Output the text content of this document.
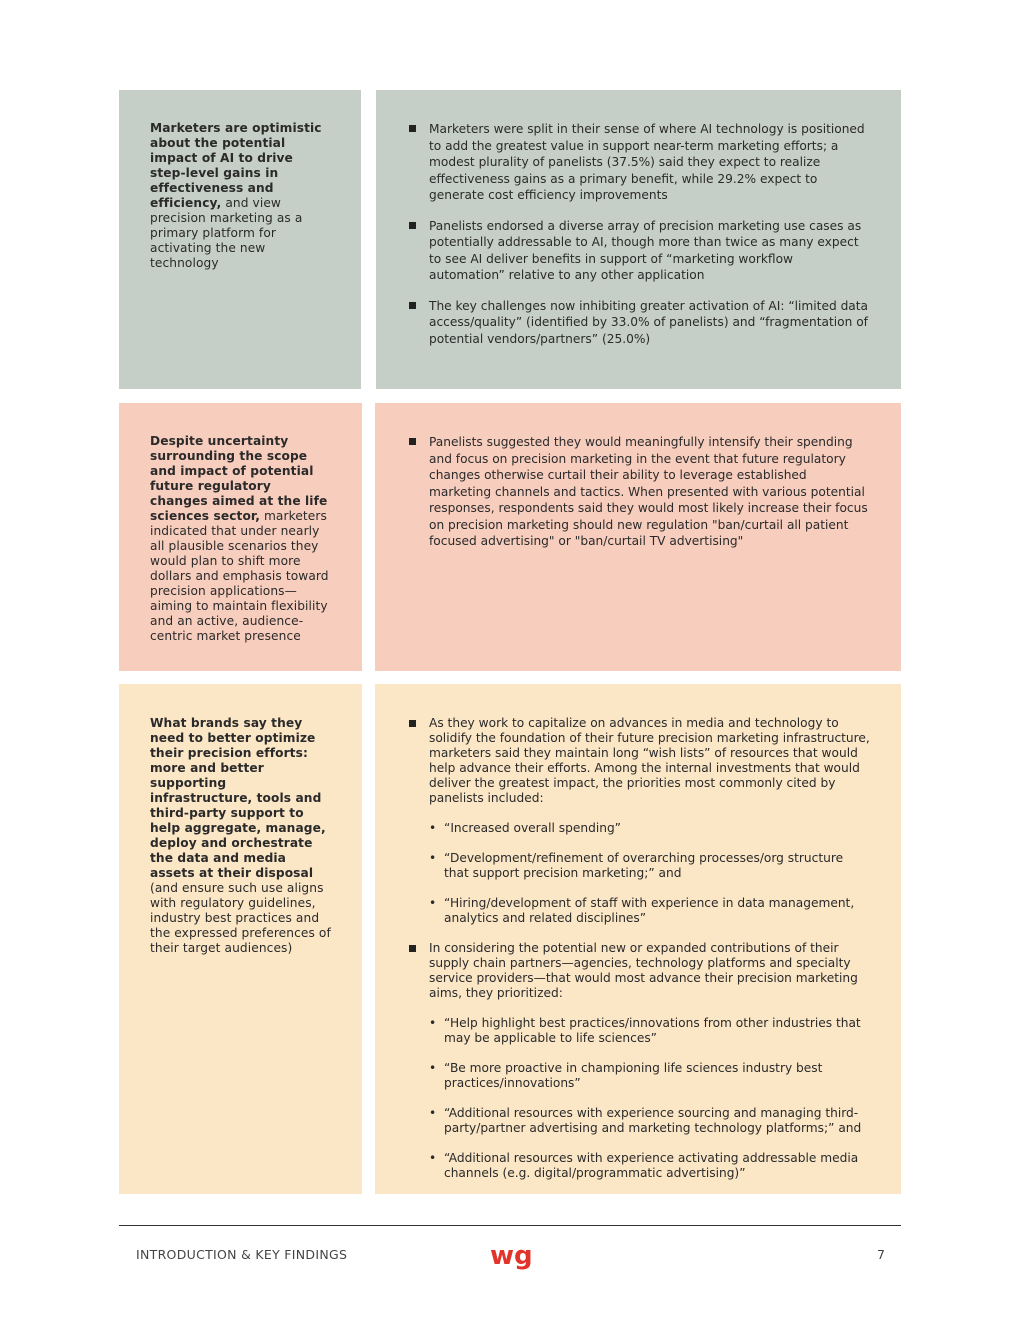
Marketers are optimistic about the potential impact of AI to drive step-level gains in effectiveness and efficiency, and view precision marketing as a primary platform for activating the new technology
Marketers were split in their sense of where AI technology is positioned to add the greatest value in support near-term marketing efforts; a modest plurality of panelists (37.5%) said they expect to realize effectiveness gains as a primary benefit, while 29.2% expect to generate cost efficiency improvements
Panelists endorsed a diverse array of precision marketing use cases as potentially addressable to AI, though more than twice as many expect to see AI deliver benefits in support of “marketing workflow automation” relative to any other application
The key challenges now inhibiting greater activation of AI: “limited data access/quality” (identified by 33.0% of panelists) and “fragmentation of potential vendors/partners” (25.0%)
Despite uncertainty surrounding the scope and impact of potential future regulatory changes aimed at the life sciences sector, marketers indicated that under nearly all plausible scenarios they would plan to shift more dollars and emphasis toward precision applications—aiming to maintain flexibility and an active, audience-centric market presence
Panelists suggested they would meaningfully intensify their spending and focus on precision marketing in the event that future regulatory changes otherwise curtail their ability to leverage established marketing channels and tactics. When presented with various potential responses, respondents said they would most likely increase their focus on precision marketing should new regulation "ban/curtail all patient focused advertising" or "ban/curtail TV advertising"
What brands say they need to better optimize their precision efforts: more and better supporting infrastructure, tools and third-party support to help aggregate, manage, deploy and orchestrate the data and media assets at their disposal (and ensure such use aligns with regulatory guidelines, industry best practices and the expressed preferences of their target audiences)
As they work to capitalize on advances in media and technology to solidify the foundation of their future precision marketing infrastructure, marketers said they maintain long “wish lists” of resources that would help advance their efforts. Among the internal investments that would deliver the greatest impact, the priorities most commonly cited by panelists included:
• “Increased overall spending”
• “Development/refinement of overarching processes/org structure that support precision marketing;” and
• “Hiring/development of staff with experience in data management, analytics and related disciplines”
In considering the potential new or expanded contributions of their supply chain partners—agencies, technology platforms and specialty service providers—that would most advance their precision marketing aims, they prioritized:
• “Help highlight best practices/innovations from other industries that may be applicable to life sciences”
• “Be more proactive in championing life sciences industry best practices/innovations”
• “Additional resources with experience sourcing and managing third-party/partner advertising and marketing technology platforms;” and
• “Additional resources with experience activating addressable media channels (e.g. digital/programmatic advertising)”
INTRODUCTION & KEY FINDINGS	wg	7
